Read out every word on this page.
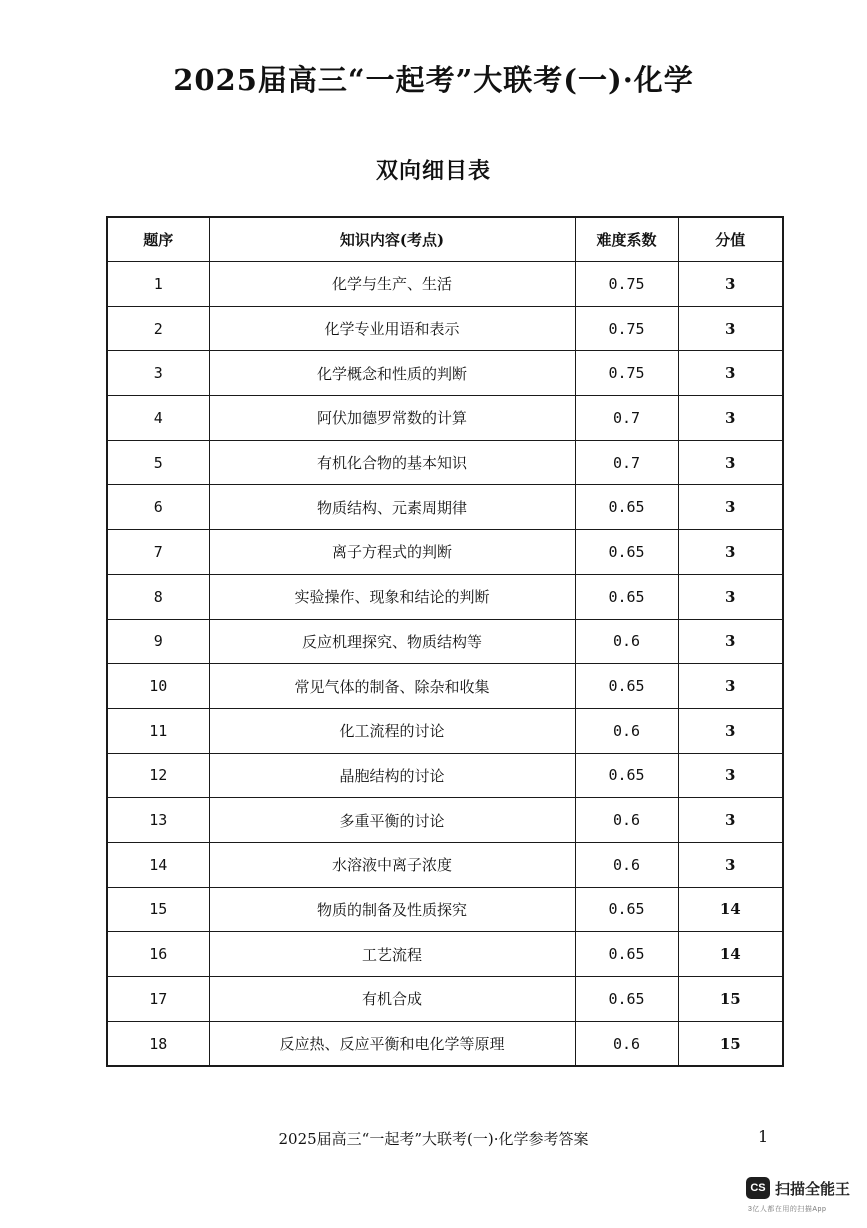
2025届高三“一起考”大联考(一)·化学
双向细目表
题序	知识内容(考点)	难度系数	分值
1	化学与生产、生活	0.75	3
2	化学专业用语和表示	0.75	3
3	化学概念和性质的判断	0.75	3
4	阿伏加德罗常数的计算	0.7	3
5	有机化合物的基本知识	0.7	3
6	物质结构、元素周期律	0.65	3
7	离子方程式的判断	0.65	3
8	实验操作、现象和结论的判断	0.65	3
9	反应机理探究、物质结构等	0.6	3
10	常见气体的制备、除杂和收集	0.65	3
11	化工流程的讨论	0.6	3
12	晶胞结构的讨论	0.65	3
13	多重平衡的讨论	0.6	3
14	水溶液中离子浓度	0.6	3
15	物质的制备及性质探究	0.65	14
16	工艺流程	0.65	14
17	有机合成	0.65	15
18	反应热、反应平衡和电化学等原理	0.6	15
2025届高三“一起考”大联考(一)·化学参考答案	1
CS 扫描全能王
3亿人都在用的扫描App
